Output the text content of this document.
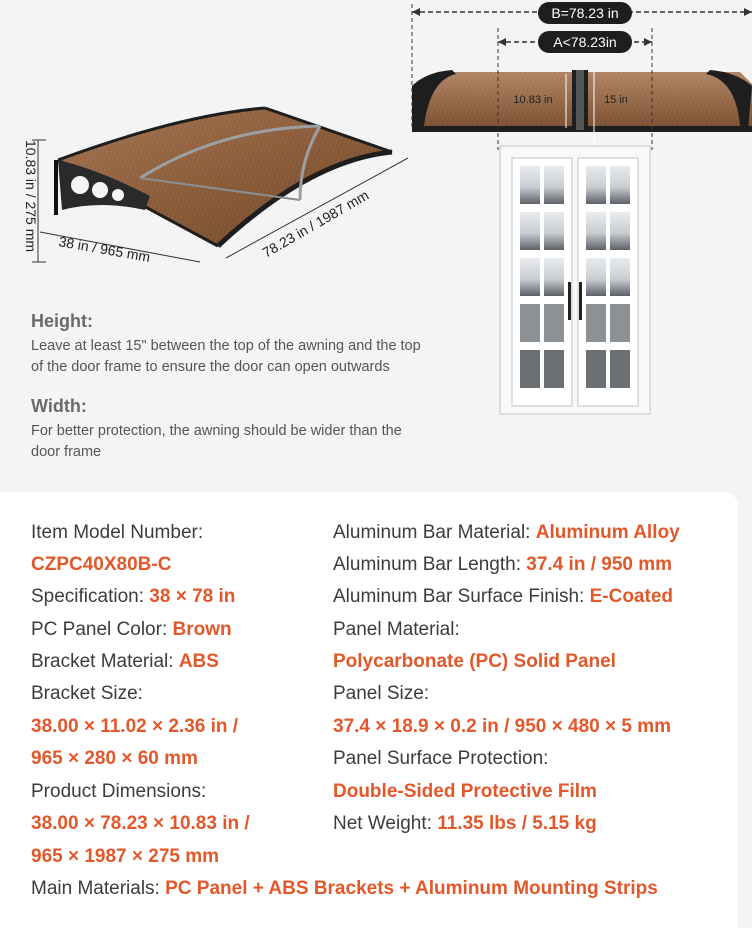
10.83 in / 275 mm 38 in / 965 mm	78.23 in / 1987 mm
B=78.23 in
A<78.23in
10.83 in	15 in

Height:

Leave at least 15" between the top of the awning and the top

of the door frame to ensure the door can open outwards

Width:

For better protection, the awning should be wider than the

door frame

Item Model Number:
CZPC40X80B-C
Specification: 38 × 78 in
PC Panel Color: Brown
Bracket Material: ABS
Bracket Size:
38.00 × 11.02 × 2.36 in /
965 × 280 × 60 mm
Product Dimensions:
38.00 × 78.23 × 10.83 in /
965 × 1987 × 275 mm
Aluminum Bar Material: Aluminum Alloy
Aluminum Bar Length: 37.4 in / 950 mm
Aluminum Bar Surface Finish: E-Coated
Panel Material:
Polycarbonate (PC) Solid Panel
Panel Size:
37.4 × 18.9 × 0.2 in / 950 × 480 × 5 mm
Panel Surface Protection:
Double-Sided Protective Film
Net Weight: 11.35 lbs / 5.15 kg
Main Materials: PC Panel + ABS Brackets + Aluminum Mounting Strips
